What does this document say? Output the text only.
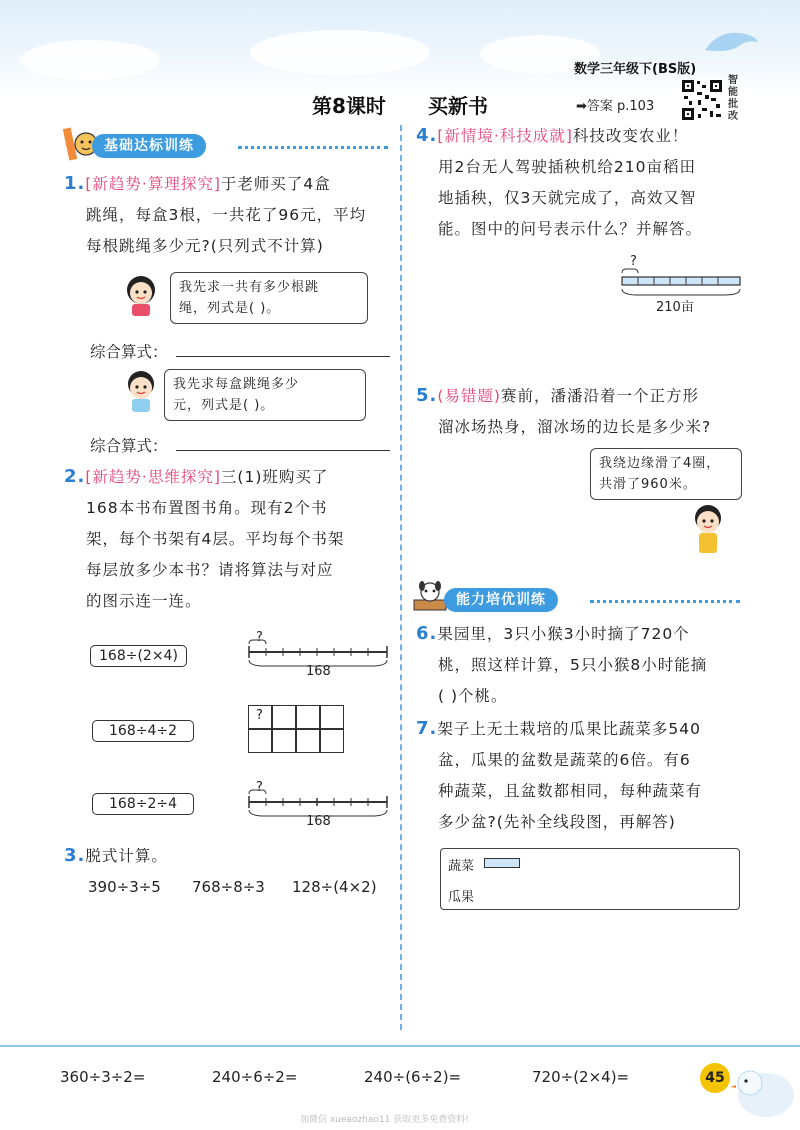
数学三年级下(BS版)
第8课时 买新书	➡答案 p.103
智能批改
基础达标训练
1.[新趋势·算理探究]于老师买了4盒
跳绳，每盒3根，一共花了96元，平均
每根跳绳多少元?(只列式不计算)
我先求一共有多少根跳
绳，列式是( )。
综合算式：
我先求每盒跳绳多少
元，列式是( )。
综合算式：
2.[新趋势·思维探究]三(1)班购买了
168本书布置图书角。现有2个书
架，每个书架有4层。平均每个书架
每层放多少本书？请将算法与对应
的图示连一连。
168÷(2×4)
168÷4÷2
168÷2÷4
?
168
?
?
168
3.脱式计算。
390÷3÷5 768÷8÷3 128÷(4×2)
4.[新情境·科技成就]科技改变农业！
用2台无人驾驶插秧机给210亩稻田
地插秧，仅3天就完成了，高效又智
能。图中的问号表示什么？并解答。
?
210亩
5.(易错题)赛前，潘潘沿着一个正方形
溜冰场热身，溜冰场的边长是多少米?
我绕边缘滑了4圈，
共滑了960米。
能力培优训练
6.果园里，3只小猴3小时摘了720个
桃，照这样计算，5只小猴8小时能摘
( )个桃。
7.架子上无土栽培的瓜果比蔬菜多540
盆，瓜果的盆数是蔬菜的6倍。有6
种蔬菜，且盆数都相同，每种蔬菜有
多少盆?(先补全线段图，再解答)
蔬菜
瓜果
360÷3÷2=	240÷6÷2=	240÷(6÷2)=	720÷(2×4)=	45
加微信 xueaozhao11 获取更多免费资料!
